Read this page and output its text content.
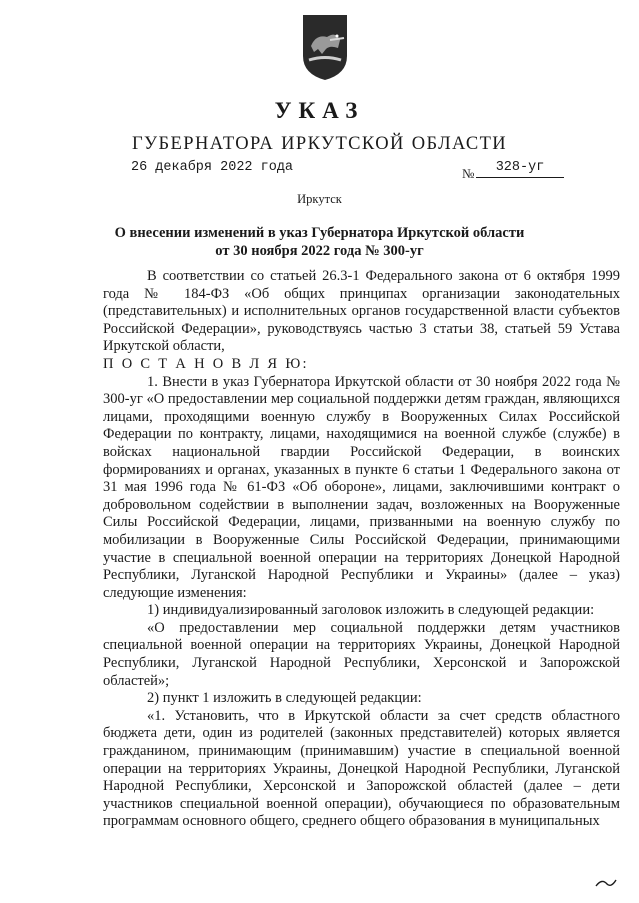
УКАЗ
ГУБЕРНАТОРА ИРКУТСКОЙ ОБЛАСТИ
26 декабря 2022 года	№	328-уг
Иркутск
О внесении изменений в указ Губернатора Иркутской области
от 30 ноября 2022 года № 300-уг

В соответствии со статьей 26.3-1 Федерального закона от 6 октября 1999 года № 184-ФЗ «Об общих принципах организации законодательных (представительных) и исполнительных органов государственной власти субъектов Российской Федерации», руководствуясь частью 3 статьи 38, статьей 59 Устава Иркутской области,

П О С Т А Н О В Л Я Ю:

1. Внести в указ Губернатора Иркутской области от 30 ноября 2022 года № 300-уг «О предоставлении мер социальной поддержки детям граждан, являющихся лицами, проходящими военную службу в Вооруженных Силах Российской Федерации по контракту, лицами, находящимися на военной службе (службе) в войсках национальной гвардии Российской Федерации, в воинских формированиях и органах, указанных в пункте 6 статьи 1 Федерального закона от 31 мая 1996 года № 61-ФЗ «Об обороне», лицами, заключившими контракт о добровольном содействии в выполнении задач, возложенных на Вооруженные Силы Российской Федерации, лицами, призванными на военную службу по мобилизации в Вооруженные Силы Российской Федерации, принимающими участие в специальной военной операции на территориях Донецкой Народной Республики, Луганской Народной Республики и Украины» (далее – указ) следующие изменения:

1) индивидуализированный заголовок изложить в следующей редакции:

«О предоставлении мер социальной поддержки детям участников специальной военной операции на территориях Украины, Донецкой Народной Республики, Луганской Народной Республики, Херсонской и Запорожской областей»;

2) пункт 1 изложить в следующей редакции:

«1. Установить, что в Иркутской области за счет средств областного бюджета дети, один из родителей (законных представителей) которых является гражданином, принимающим (принимавшим) участие в специальной военной операции на территориях Украины, Донецкой Народной Республики, Луганской Народной Республики, Херсонской и Запорожской областей (далее – дети участников специальной военной операции), обучающиеся по образовательным программам основного общего, среднего общего образования в муниципальных
